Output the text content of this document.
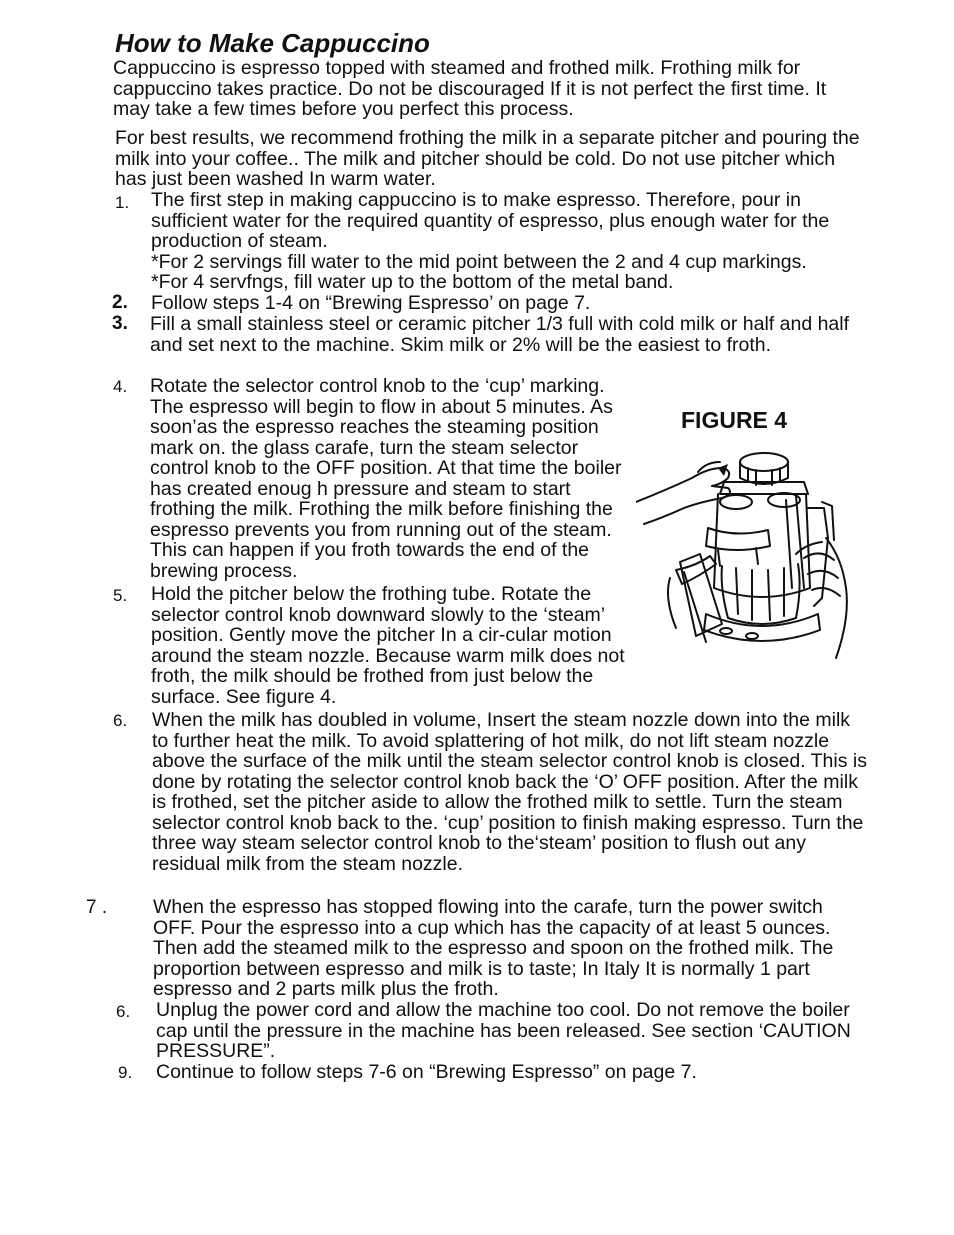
How to Make Cappuccino

Cappuccino is espresso topped with steamed and frothed milk. Frothing milk for cappuccino takes practice. Do not be discouraged If it is not perfect the first time. It may take a few times before you perfect this process.

For best results, we recommend frothing the milk in a separate pitcher and pouring the milk into your coffee.. The milk and pitcher should be cold. Do not use pitcher which has just been washed In warm water.

1. The first step in making cappuccino is to make espresso. Therefore, pour in sufficient water for the required quantity of espresso, plus enough water for the production of steam.

*For 2 servings fill water to the mid point between the 2 and 4 cup markings.

*For 4 servfngs, fill water up to the bottom of the metal band.

2. Follow steps 1-4 on “Brewing Espresso’ on page 7.

3. Fill a small stainless steel or ceramic pitcher 1/3 full with cold milk or half and half and set next to the machine. Skim milk or 2% will be the easiest to froth.

4. Rotate the selector control knob to the ‘cup’ marking. The espresso will begin to flow in about 5 minutes. As soon’as the espresso reaches the steaming position mark on. the glass carafe, turn the steam selector control knob to the OFF position. At that time the boiler has created enoug h pressure and steam to start frothing the milk. Frothing the milk before finishing the espresso prevents you from running out of the steam. This can happen if you froth towards the end of the brewing process.

5. Hold the pitcher below the frothing tube. Rotate the selector control knob downward slowly to the ‘steam’ position. Gently move the pitcher In a cir-cular motion around the steam nozzle. Because warm milk does not froth, the milk should be frothed from just below the surface. See figure 4.

6. When the milk has doubled in volume, Insert the steam nozzle down into the milk to further heat the milk. To avoid splattering of hot milk, do not lift steam nozzle above the surface of the milk until the steam selector control knob is closed. This is done by rotating the selector control knob back the ‘O’ OFF position. After the milk is frothed, set the pitcher aside to allow the frothed milk to settle. Turn the steam selector control knob back to the. ‘cup’ position to finish making espresso. Turn the three way steam selector control knob to the‘steam’ position to flush out any residual milk from the steam nozzle.

7 . When the espresso has stopped flowing into the carafe, turn the power switch OFF. Pour the espresso into a cup which has the capacity of at least 5 ounces. Then add the steamed milk to the espresso and spoon on the frothed milk. The proportion between espresso and milk is to taste; In Italy It is normally 1 part espresso and 2 parts milk plus the froth.

6. Unplug the power cord and allow the machine too cool. Do not remove the boiler cap until the pressure in the machine has been released. See section ‘CAUTION PRESSURE”.

9. Continue to follow steps 7-6 on “Brewing Espresso” on page 7.

FIGURE 4
